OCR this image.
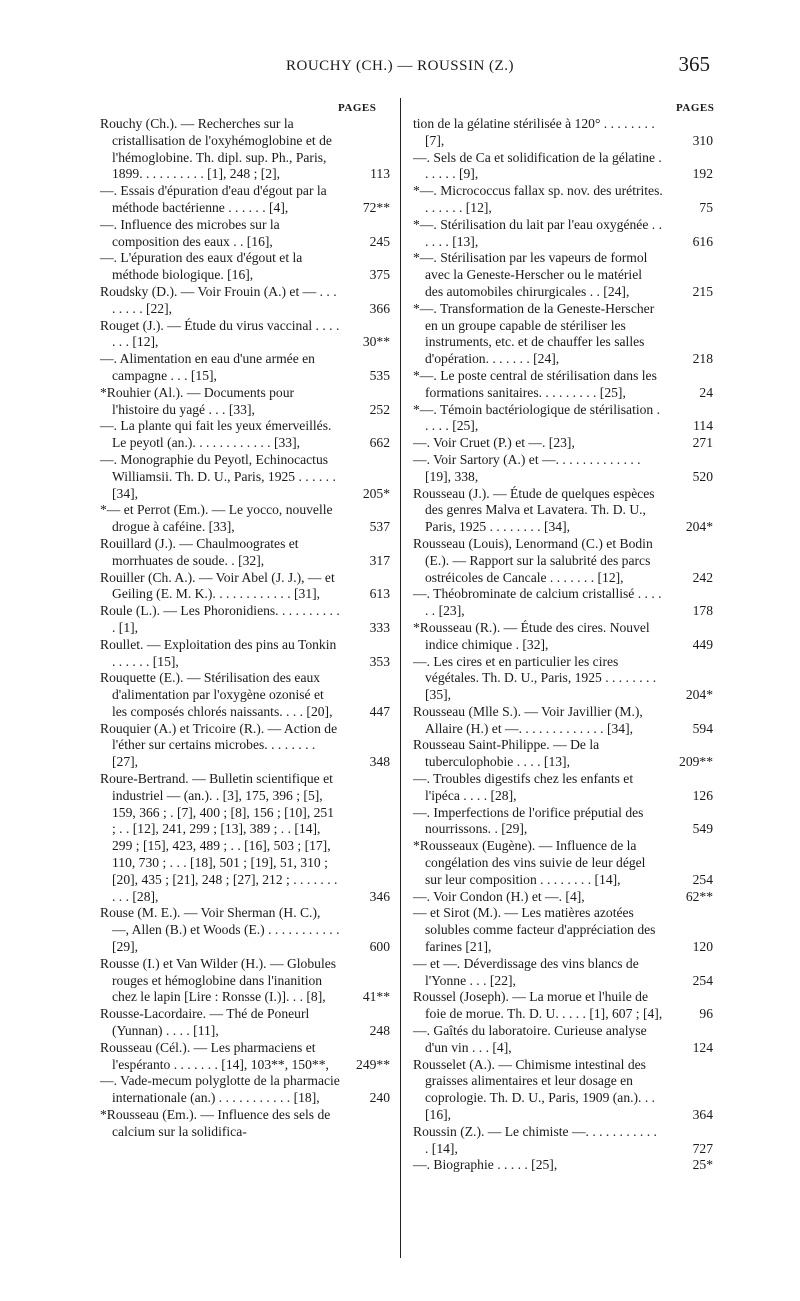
ROUCHY (CH.) — ROUSSIN (Z.)	365
PAGES	PAGES
Rouchy (Ch.). — Recherches sur la cristallisation de l'oxyhémoglobine et de l'hémoglobine. Th. dipl. sup. Ph., Paris, 1899. . . . . . . . . . [1], 248 ; [2],	113
—. Essais d'épuration d'eau d'égout par la méthode bactérienne . . . . . . [4],	72**
—. Influence des microbes sur la composition des eaux . . [16],	245
—. L'épuration des eaux d'égout et la méthode biologique. [16],	375
Roudsky (D.). — Voir Frouin (A.) et — . . . . . . . . [22],	366
Rouget (J.). — Étude du virus vaccinal . . . . . . . [12],	30**
—. Alimentation en eau d'une armée en campagne . . . [15],	535
*Rouhier (Al.). — Documents pour l'histoire du yagé . . . [33],	252
—. La plante qui fait les yeux émerveillés. Le peyotl (an.). . . . . . . . . . . . [33],	662
—. Monographie du Peyotl, Echinocactus Williamsii. Th. D. U., Paris, 1925 . . . . . . [34],	205*
*— et Perrot (Em.). — Le yocco, nouvelle drogue à caféine. [33],	537
Rouillard (J.). — Chaulmoogrates et morrhuates de soude. . [32],	317
Rouiller (Ch. A.). — Voir Abel (J. J.), — et Geiling (E. M. K.). . . . . . . . . . . . [31],	613
Roule (L.). — Les Phoronidiens. . . . . . . . . . . [1],	333
Roullet. — Exploitation des pins au Tonkin . . . . . . [15],	353
Rouquette (E.). — Stérilisation des eaux d'alimentation par l'oxygène ozonisé et les composés chlorés naissants. . . . [20],	447
Rouquier (A.) et Tricoire (R.). — Action de l'éther sur certains microbes. . . . . . . . [27],	348
Roure-Bertrand. — Bulletin scientifique et industriel — (an.). . [3], 175, 396 ; [5], 159, 366 ; . [7], 400 ; [8], 156 ; [10], 251 ; . . [12], 241, 299 ; [13], 389 ; . . [14], 299 ; [15], 423, 489 ; . . [16], 503 ; [17], 110, 730 ; . . . [18], 501 ; [19], 51, 310 ; [20], 435 ; [21], 248 ; [27], 212 ; . . . . . . . . . . [28],	346
Rouse (M. E.). — Voir Sherman (H. C.), —, Allen (B.) et Woods (E.) . . . . . . . . . . . [29],	600
Rousse (I.) et Van Wilder (H.). — Globules rouges et hémoglobine dans l'inanition chez le lapin [Lire : Ronsse (I.)]. . . [8],	41**
Rousse-Lacordaire. — Thé de Poneurl (Yunnan) . . . . [11],	248
Rousseau (Cél.). — Les pharmaciens et l'espéranto . . . . . . . [14], 103**, 150**,	249**
—. Vade-mecum polyglotte de la pharmacie internationale (an.) . . . . . . . . . . . [18],	240
*Rousseau (Em.). — Influence des sels de calcium sur la solidifica-
tion de la gélatine stérilisée à 120° . . . . . . . . [7],	310
—. Sels de Ca et solidification de la gélatine . . . . . . [9],	192
*—. Micrococcus fallax sp. nov. des urétrites. . . . . . . [12],	75
*—. Stérilisation du lait par l'eau oxygénée . . . . . . [13],	616
*—. Stérilisation par les vapeurs de formol avec la Geneste-Herscher ou le matériel des automobiles chirurgicales . . [24],	215
*—. Transformation de la Geneste-Herscher en un groupe capable de stériliser les instruments, etc. et de chauffer les salles d'opération. . . . . . . [24],	218
*—. Le poste central de stérilisation dans les formations sanitaires. . . . . . . . . [25],	24
*—. Témoin bactériologique de stérilisation . . . . . [25],	114
—. Voir Cruet (P.) et —. [23],	271
—. Voir Sartory (A.) et —. . . . . . . . . . . . . [19], 338,	520
Rousseau (J.). — Étude de quelques espèces des genres Malva et Lavatera. Th. D. U., Paris, 1925 . . . . . . . . [34],	204*
Rousseau (Louis), Lenormand (C.) et Bodin (E.). — Rapport sur la salubrité des parcs ostréicoles de Cancale . . . . . . . [12],	242
—. Théobrominate de calcium cristallisé . . . . . . [23],	178
*Rousseau (R.). — Étude des cires. Nouvel indice chimique . [32],	449
—. Les cires et en particulier les cires végétales. Th. D. U., Paris, 1925 . . . . . . . . [35],	204*
Rousseau (Mlle S.). — Voir Javillier (M.), Allaire (H.) et —. . . . . . . . . . . . . [34],	594
Rousseau Saint-Philippe. — De la tuberculophobie . . . . [13],	209**
—. Troubles digestifs chez les enfants et l'ipéca . . . . [28],	126
—. Imperfections de l'orifice préputial des nourrissons. . [29],	549
*Rousseaux (Eugène). — Influence de la congélation des vins suivie de leur dégel sur leur composition . . . . . . . . [14],	254
—. Voir Condon (H.) et —. [4],	62**
— et Sirot (M.). — Les matières azotées solubles comme facteur d'appréciation des farines [21],	120
— et —. Déverdissage des vins blancs de l'Yonne . . . [22],	254
Roussel (Joseph). — La morue et l'huile de foie de morue. Th. D. U. . . . . [1], 607 ; [4],	96
—. Gaîtés du laboratoire. Curieuse analyse d'un vin . . . [4],	124
Rousselet (A.). — Chimisme intestinal des graisses alimentaires et leur dosage en coprologie. Th. D. U., Paris, 1909 (an.). . . [16],	364
Roussin (Z.). — Le chimiste —. . . . . . . . . . . . [14],	727
—. Biographie . . . . . [25],	25*
